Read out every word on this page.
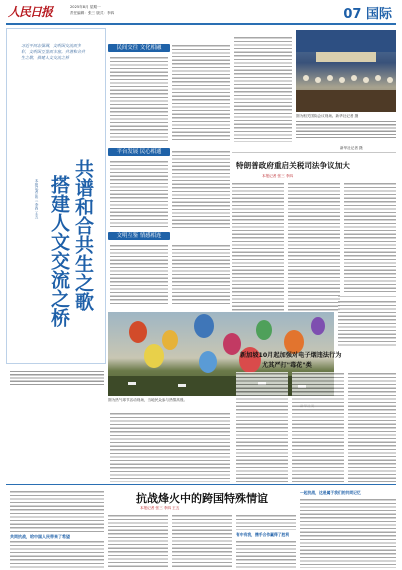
人民日报	2025年8月 星期一
责任编辑：张三 版式：李四	07 国际
习近平同志强调，文明因交流而多彩，文明因互鉴而丰富。共谱和合共生之歌，搭建人文交流之桥
共谱和合共生之歌
搭建人文交流之桥
本报记者 张三 李四 王五
民间交往 文化相融
平台发展 民心相通
文明互鉴 情感相连
图为相关国际会议现场。新华社记者 摄
新华社记者 摄
特朗普政府重启关税司法争议加大
本报记者 张三 李四
图为热气球节活动现场，当地民众参与热情高涨。
新加坡10月起加强对电子烟违法行为
尤其严打"毒花"类
共同抗战，给中国人民带来了希望
抗战烽火中的跨国特殊情谊
本报记者 张三 李四 王五
有中有我，携手合作赢得了胜利
一起抗战，这是属于我们的共同记忆
